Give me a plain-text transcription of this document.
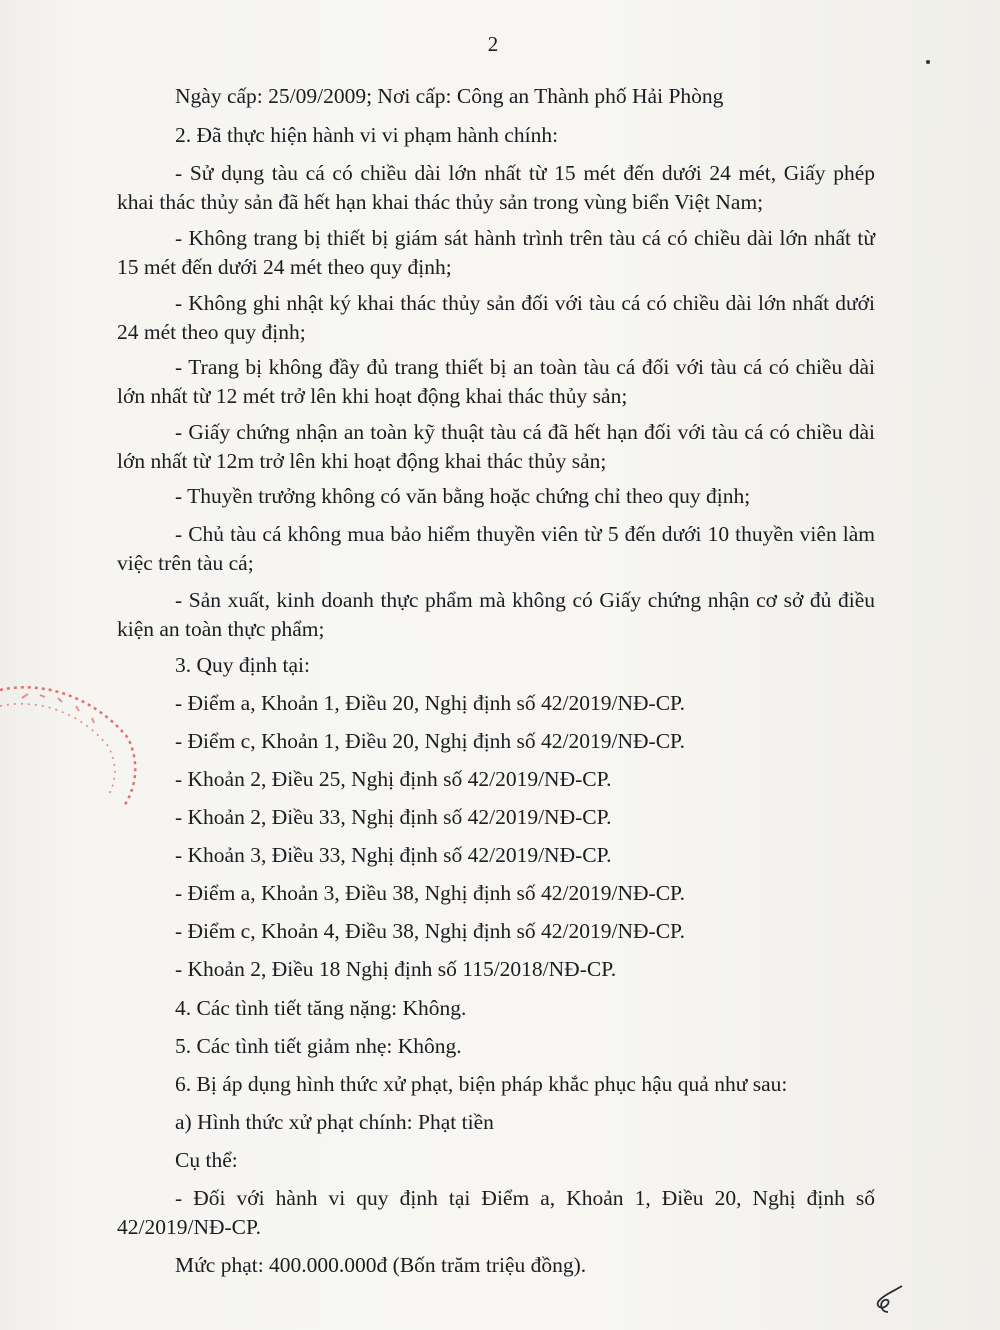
2
Ngày cấp: 25/09/2009; Nơi cấp: Công an Thành phố Hải Phòng
2. Đã thực hiện hành vi vi phạm hành chính:
- Sử dụng tàu cá có chiều dài lớn nhất từ 15 mét đến dưới 24 mét, Giấy phép khai thác thủy sản đã hết hạn khai thác thủy sản trong vùng biển Việt Nam;
- Không trang bị thiết bị giám sát hành trình trên tàu cá có chiều dài lớn nhất từ 15 mét đến dưới 24 mét theo quy định;
- Không ghi nhật ký khai thác thủy sản đối với tàu cá có chiều dài lớn nhất dưới 24 mét theo quy định;
- Trang bị không đầy đủ trang thiết bị an toàn tàu cá đối với tàu cá có chiều dài lớn nhất từ 12 mét trở lên khi hoạt động khai thác thủy sản;
- Giấy chứng nhận an toàn kỹ thuật tàu cá đã hết hạn đối với tàu cá có chiều dài lớn nhất từ 12m trở lên khi hoạt động khai thác thủy sản;
- Thuyền trưởng không có văn bằng hoặc chứng chỉ theo quy định;
- Chủ tàu cá không mua bảo hiểm thuyền viên từ 5 đến dưới 10 thuyền viên làm việc trên tàu cá;
- Sản xuất, kinh doanh thực phẩm mà không có Giấy chứng nhận cơ sở đủ điều kiện an toàn thực phẩm;
3. Quy định tại:
- Điểm a, Khoản 1, Điều 20, Nghị định số 42/2019/NĐ-CP.
- Điểm c, Khoản 1, Điều 20, Nghị định số 42/2019/NĐ-CP.
- Khoản 2, Điều 25, Nghị định số 42/2019/NĐ-CP.
- Khoản 2, Điều 33, Nghị định số 42/2019/NĐ-CP.
- Khoản 3, Điều 33, Nghị định số 42/2019/NĐ-CP.
- Điểm a, Khoản 3, Điều 38, Nghị định số 42/2019/NĐ-CP.
- Điểm c, Khoản 4, Điều 38, Nghị định số 42/2019/NĐ-CP.
- Khoản 2, Điều 18 Nghị định số 115/2018/NĐ-CP.
4. Các tình tiết tăng nặng: Không.
5. Các tình tiết giảm nhẹ: Không.
6. Bị áp dụng hình thức xử phạt, biện pháp khắc phục hậu quả như sau:
a) Hình thức xử phạt chính: Phạt tiền
Cụ thể:
- Đối với hành vi quy định tại Điểm a, Khoản 1, Điều 20, Nghị định số 42/2019/NĐ-CP.
Mức phạt: 400.000.000đ (Bốn trăm triệu đồng).
